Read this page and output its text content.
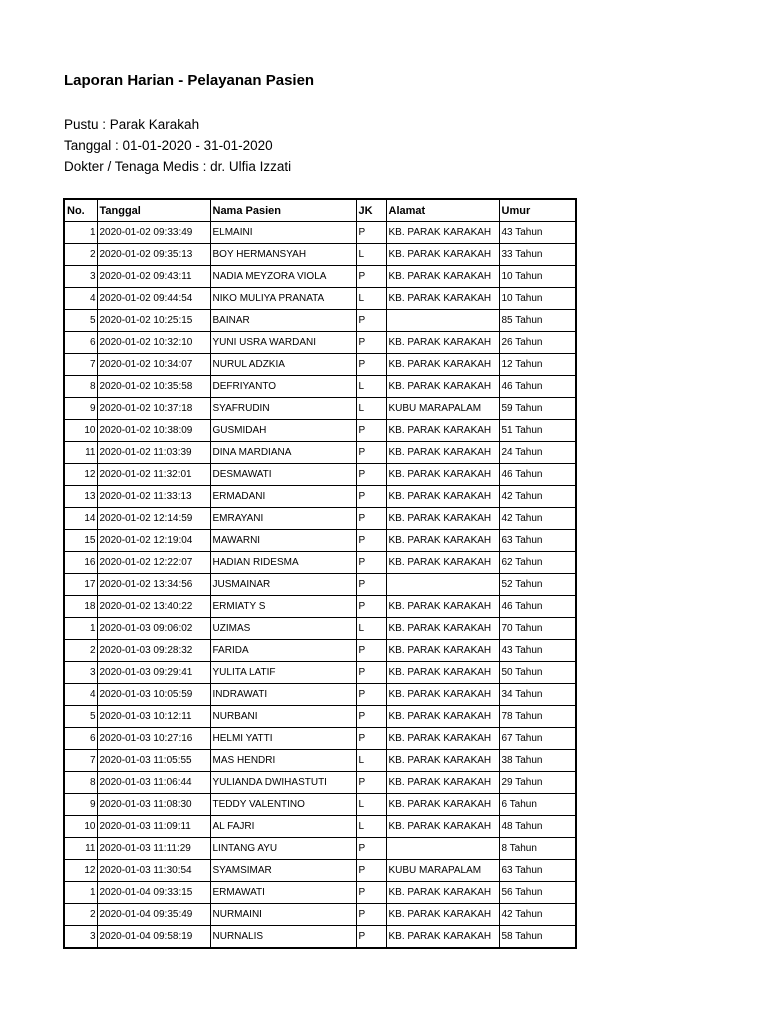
Laporan Harian - Pelayanan Pasien
Pustu : Parak Karakah
Tanggal : 01-01-2020 - 31-01-2020
Dokter / Tenaga Medis : dr. Ulfia Izzati
No.	Tanggal	Nama Pasien	JK	Alamat	Umur
1	2020-01-02 09:33:49	ELMAINI	P	KB. PARAK KARAKAH	43 Tahun
2	2020-01-02 09:35:13	BOY HERMANSYAH	L	KB. PARAK KARAKAH	33 Tahun
3	2020-01-02 09:43:11	NADIA MEYZORA VIOLA	P	KB. PARAK KARAKAH	10 Tahun
4	2020-01-02 09:44:54	NIKO MULIYA PRANATA	L	KB. PARAK KARAKAH	10 Tahun
5	2020-01-02 10:25:15	BAINAR	P		85 Tahun
6	2020-01-02 10:32:10	YUNI USRA WARDANI	P	KB. PARAK KARAKAH	26 Tahun
7	2020-01-02 10:34:07	NURUL ADZKIA	P	KB. PARAK KARAKAH	12 Tahun
8	2020-01-02 10:35:58	DEFRIYANTO	L	KB. PARAK KARAKAH	46 Tahun
9	2020-01-02 10:37:18	SYAFRUDIN	L	KUBU MARAPALAM	59 Tahun
10	2020-01-02 10:38:09	GUSMIDAH	P	KB. PARAK KARAKAH	51 Tahun
11	2020-01-02 11:03:39	DINA MARDIANA	P	KB. PARAK KARAKAH	24 Tahun
12	2020-01-02 11:32:01	DESMAWATI	P	KB. PARAK KARAKAH	46 Tahun
13	2020-01-02 11:33:13	ERMADANI	P	KB. PARAK KARAKAH	42 Tahun
14	2020-01-02 12:14:59	EMRAYANI	P	KB. PARAK KARAKAH	42 Tahun
15	2020-01-02 12:19:04	MAWARNI	P	KB. PARAK KARAKAH	63 Tahun
16	2020-01-02 12:22:07	HADIAN RIDESMA	P	KB. PARAK KARAKAH	62 Tahun
17	2020-01-02 13:34:56	JUSMAINAR	P		52 Tahun
18	2020-01-02 13:40:22	ERMIATY S	P	KB. PARAK KARAKAH	46 Tahun
1	2020-01-03 09:06:02	UZIMAS	L	KB. PARAK KARAKAH	70 Tahun
2	2020-01-03 09:28:32	FARIDA	P	KB. PARAK KARAKAH	43 Tahun
3	2020-01-03 09:29:41	YULITA LATIF	P	KB. PARAK KARAKAH	50 Tahun
4	2020-01-03 10:05:59	INDRAWATI	P	KB. PARAK KARAKAH	34 Tahun
5	2020-01-03 10:12:11	NURBANI	P	KB. PARAK KARAKAH	78 Tahun
6	2020-01-03 10:27:16	HELMI YATTI	P	KB. PARAK KARAKAH	67 Tahun
7	2020-01-03 11:05:55	MAS HENDRI	L	KB. PARAK KARAKAH	38 Tahun
8	2020-01-03 11:06:44	YULIANDA DWIHASTUTI	P	KB. PARAK KARAKAH	29 Tahun
9	2020-01-03 11:08:30	TEDDY VALENTINO	L	KB. PARAK KARAKAH	6 Tahun
10	2020-01-03 11:09:11	AL FAJRI	L	KB. PARAK KARAKAH	48 Tahun
11	2020-01-03 11:11:29	LINTANG AYU	P		8 Tahun
12	2020-01-03 11:30:54	SYAMSIMAR	P	KUBU MARAPALAM	63 Tahun
1	2020-01-04 09:33:15	ERMAWATI	P	KB. PARAK KARAKAH	56 Tahun
2	2020-01-04 09:35:49	NURMAINI	P	KB. PARAK KARAKAH	42 Tahun
3	2020-01-04 09:58:19	NURNALIS	P	KB. PARAK KARAKAH	58 Tahun
